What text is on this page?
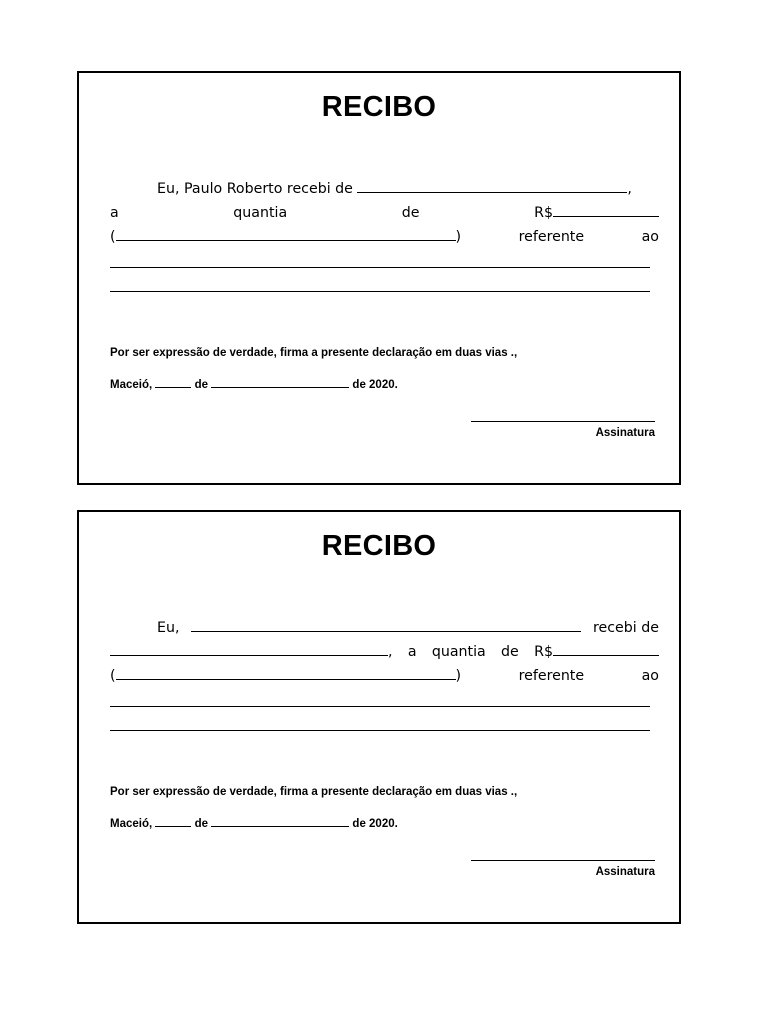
RECIBO
Eu, Paulo Roberto recebi de	,
a	quantia	de	R$
(	)	referente	ao
Por ser expressão de verdade, firma a presente declaração em duas vias .,
Maceió,	de	de 2020.
Assinatura
RECIBO
Eu,	recebi de
, a quantia de R$
(	)	referente	ao
Por ser expressão de verdade, firma a presente declaração em duas vias .,
Maceió,	de	de 2020.
Assinatura
